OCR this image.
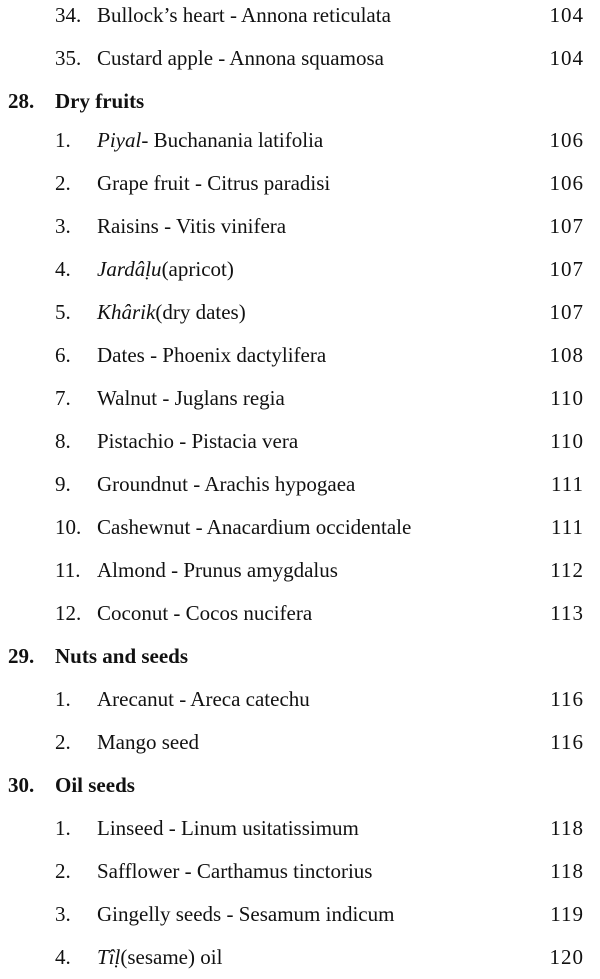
34. Bullock’s heart - Annona reticulata	104
35. Custard apple - Annona squamosa	104
28. Dry fruits
1. Piyal- Buchanania latifolia	106
2. Grape fruit - Citrus paradisi	106
3. Raisins - Vitis vinifera	107
4. Jardâḷu(apricot)	107
5. Khârik(dry dates)	107
6. Dates - Phoenix dactylifera	108
7. Walnut - Juglans regia	110
8. Pistachio - Pistacia vera	110
9. Groundnut - Arachis hypogaea	111
10. Cashewnut - Anacardium occidentale	111
11. Almond - Prunus amygdalus	112
12. Coconut - Cocos nucifera	113
29. Nuts and seeds
1. Arecanut - Areca catechu	116
2. Mango seed	116
30. Oil seeds
1. Linseed - Linum usitatissimum	118
2. Safflower - Carthamus tinctorius	118
3. Gingelly seeds - Sesamum indicum	119
4. Tîḷ(sesame) oil	120
